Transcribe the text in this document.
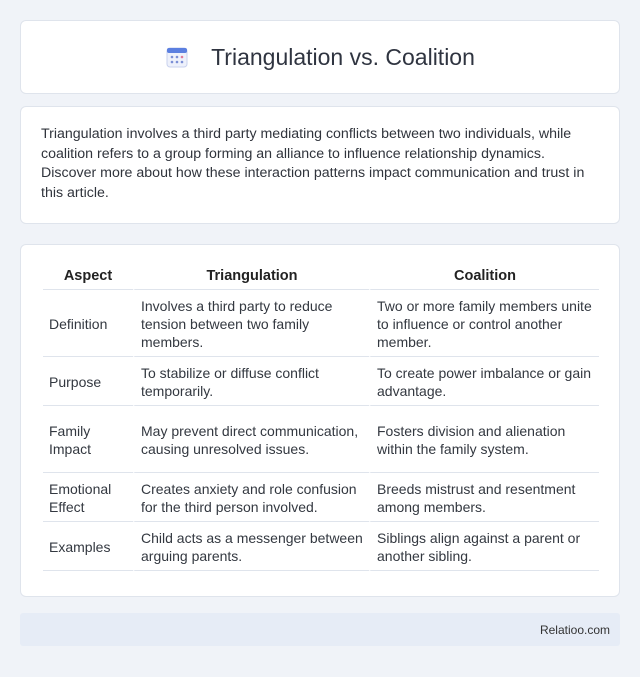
Triangulation vs. Coalition

Triangulation involves a third party mediating conflicts between two individuals, while coalition refers to a group forming an alliance to influence relationship dynamics. Discover more about how these interaction patterns impact communication and trust in this article.

Aspect	Triangulation	Coalition
Definition	Involves a third party to reduce tension between two family members.	Two or more family members unite to influence or control another member.
Purpose	To stabilize or diffuse conflict temporarily.	To create power imbalance or gain advantage.
Family Impact	May prevent direct communication, causing unresolved issues.	Fosters division and alienation within the family system.
Emotional Effect	Creates anxiety and role confusion for the third person involved.	Breeds mistrust and resentment among members.
Examples	Child acts as a messenger between arguing parents.	Siblings align against a parent or another sibling.
Relatioo.com
